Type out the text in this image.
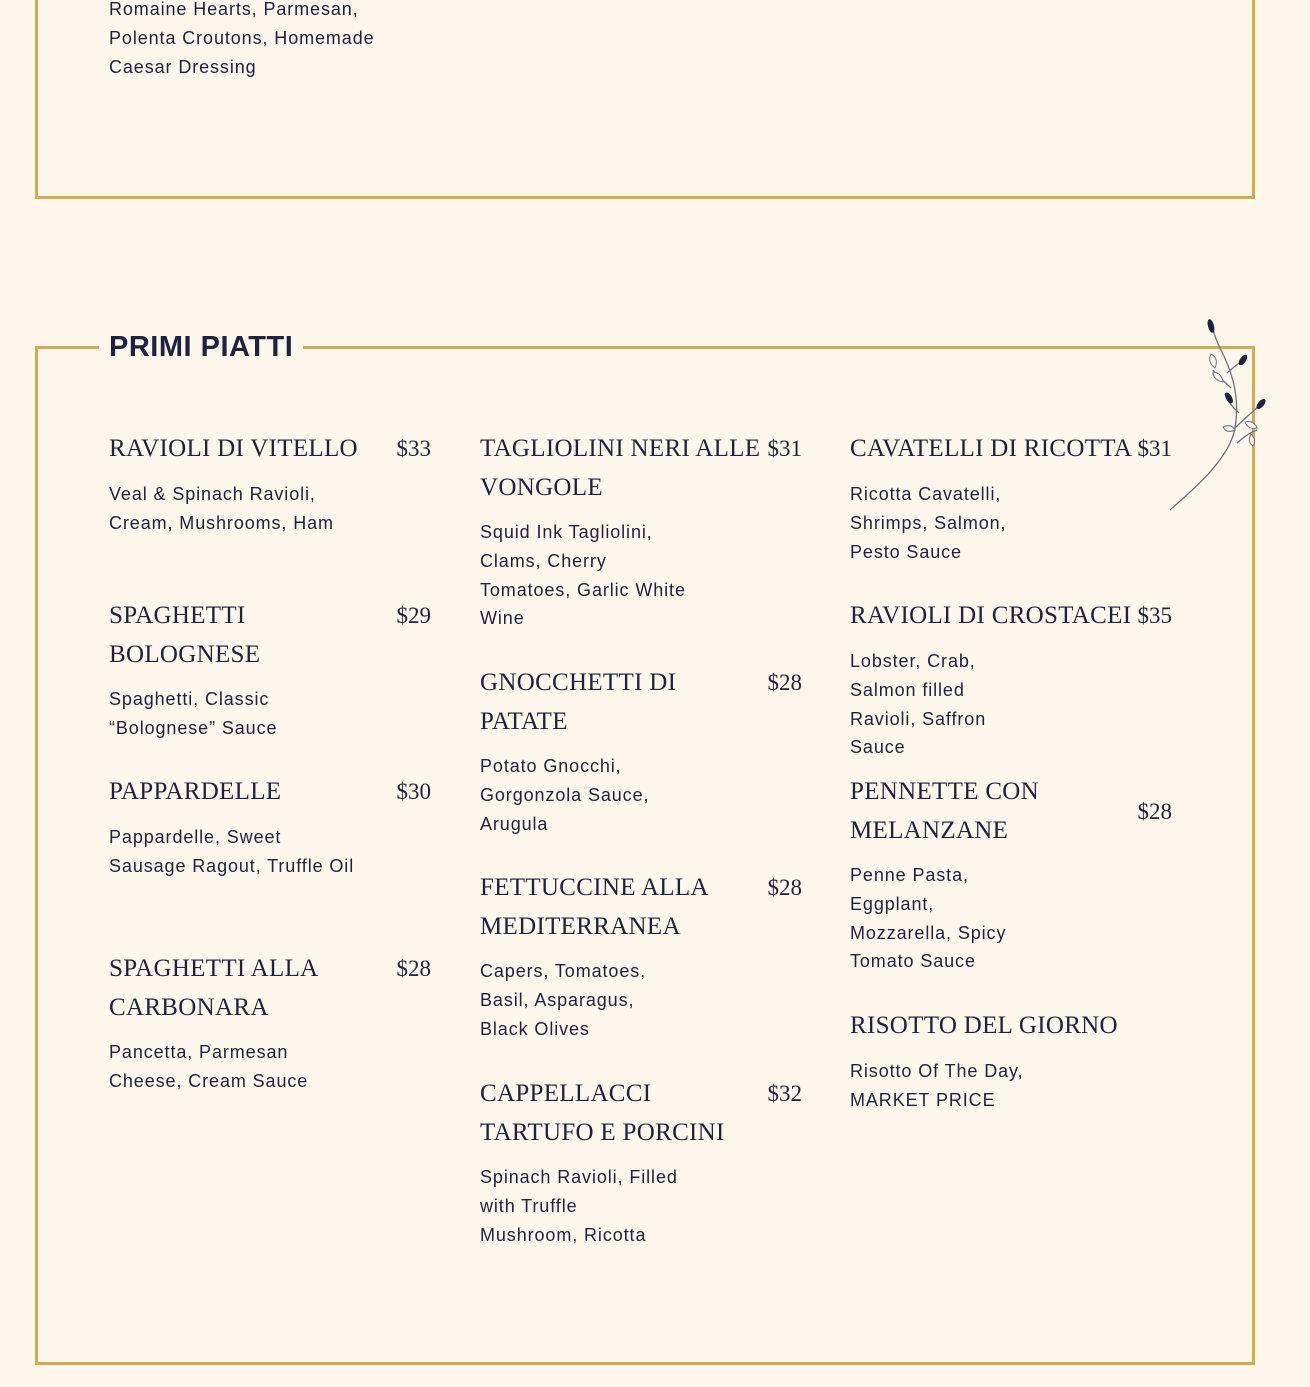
Romaine Hearts, Parmesan, Polenta Croutons, Homemade Caesar Dressing
PRIMI PIATTI
RAVIOLI DI VITELLO	$33
Veal & Spinach Ravioli, Cream, Mushrooms, Ham
SPAGHETTI BOLOGNESE
$29
Spaghetti, Classic “Bolognese” Sauce
PAPPARDELLE	$30
Pappardelle, Sweet Sausage Ragout, Truffle Oil
SPAGHETTI ALLA CARBONARA
$28
Pancetta, Parmesan Cheese, Cream Sauce
TAGLIOLINI NERI ALLE VONGOLE
$31
Squid Ink Tagliolini, Clams, Cherry Tomatoes, Garlic White Wine
GNOCCHETTI DI PATATE
$28
Potato Gnocchi, Gorgonzola Sauce, Arugula
FETTUCCINE ALLA MEDITERRANEA
$28
Capers, Tomatoes, Basil, Asparagus, Black Olives
CAPPELLACCI TARTUFO E PORCINI
$32
Spinach Ravioli, Filled with Truffle Mushroom, Ricotta
CAVATELLI DI RICOTTA $31
Ricotta Cavatelli, Shrimps, Salmon, Pesto Sauce
RAVIOLI DI CROSTACEI $35
Lobster, Crab, Salmon filled Ravioli, Saffron Sauce
PENNETTE CON MELANZANE
$28
Penne Pasta, Eggplant, Mozzarella, Spicy Tomato Sauce
RISOTTO DEL GIORNO
Risotto Of The Day, MARKET PRICE
